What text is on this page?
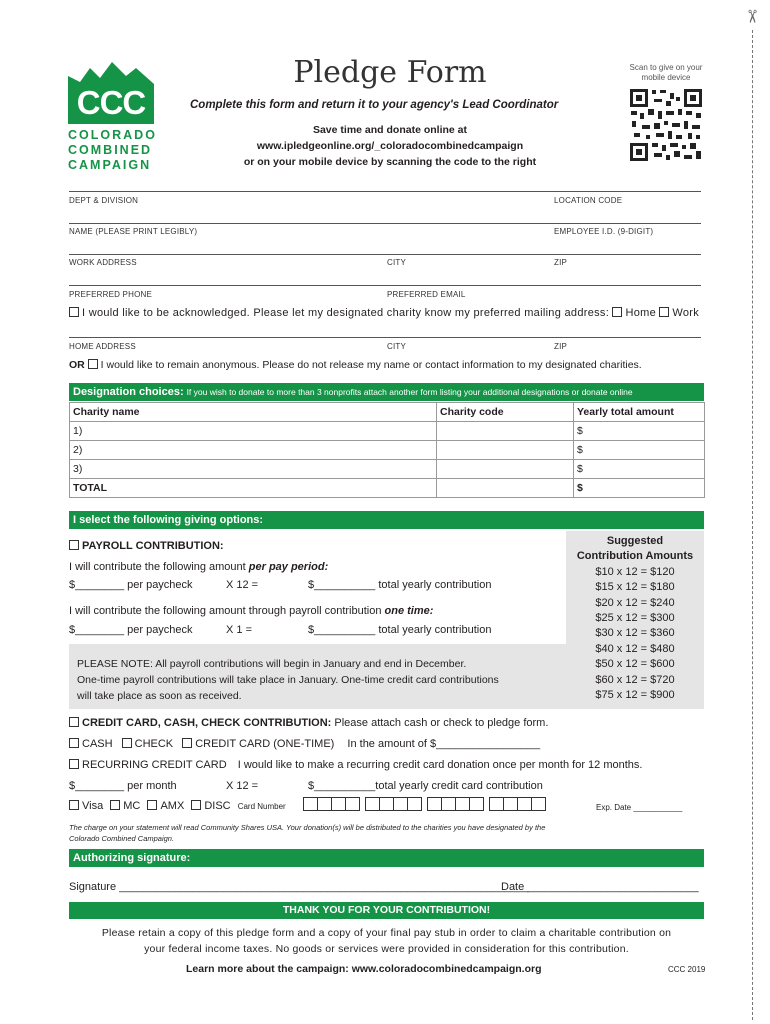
✂
CCC
COLORADO
COMBINED
CAMPAIGN
Pledge Form
Complete this form and return it to your agency's Lead Coordinator
Save time and donate online at
www.ipledgeonline.org/_coloradocombinedcampaign
or on your mobile device by scanning the code to the right
Scan to give on your mobile device
DEPT & DIVISION	LOCATION CODE
NAME (PLEASE PRINT LEGIBLY)	EMPLOYEE I.D. (9-DIGIT)
WORK ADDRESS	CITY	ZIP
PREFERRED PHONE	PREFERRED EMAIL
I would like to be acknowledged. Please let my designated charity know my preferred mailing address: Home Work
HOME ADDRESS	CITY	ZIP
OR I would like to remain anonymous. Please do not release my name or contact information to my designated charities.
Designation choices: If you wish to donate to more than 3 nonprofits attach another form listing your additional designations or donate online
Charity name	Charity code	Yearly total amount
1)		$
2)		$
3)		$
TOTAL		$
I select the following giving options:
PAYROLL CONTRIBUTION:
I will contribute the following amount per pay period:
$________ per paycheck	X 12 =	$__________ total yearly contribution
I will contribute the following amount through payroll contribution one time:
$________ per paycheck	X 1 =	$__________ total yearly contribution
PLEASE NOTE: All payroll contributions will begin in January and end in December.
One-time payroll contributions will take place in January. One-time credit card contributions
will take place as soon as received.
Suggested
Contribution Amounts
$10 x 12 = $120
$15 x 12 = $180
$20 x 12 = $240
$25 x 12 = $300
$30 x 12 = $360
$40 x 12 = $480
$50 x 12 = $600
$60 x 12 = $720
$75 x 12 = $900
CREDIT CARD, CASH, CHECK CONTRIBUTION: Please attach cash or check to pledge form.
CASH CHECK CREDIT CARD (ONE-TIME) In the amount of $_________________
RECURRING CREDIT CARD I would like to make a recurring credit card donation once per month for 12 months.
$________ per month	X 12 =	$__________total yearly credit card contribution
Visa MC AMX DISC Card Number
	Exp. Date ___________
The charge on your statement will read Community Shares USA. Your donation(s) will be distributed to the charities you have designated by the
Colorado Combined Campaign.
Authorizing signature:
Signature ___________________________________________________________________
Date ____________________________
THANK YOU FOR YOUR CONTRIBUTION!
Please retain a copy of this pledge form and a copy of your final pay stub in order to claim a charitable contribution on
your federal income taxes. No goods or services were provided in consideration for this contribution.
Learn more about the campaign: www.coloradocombinedcampaign.org	CCC 2019
